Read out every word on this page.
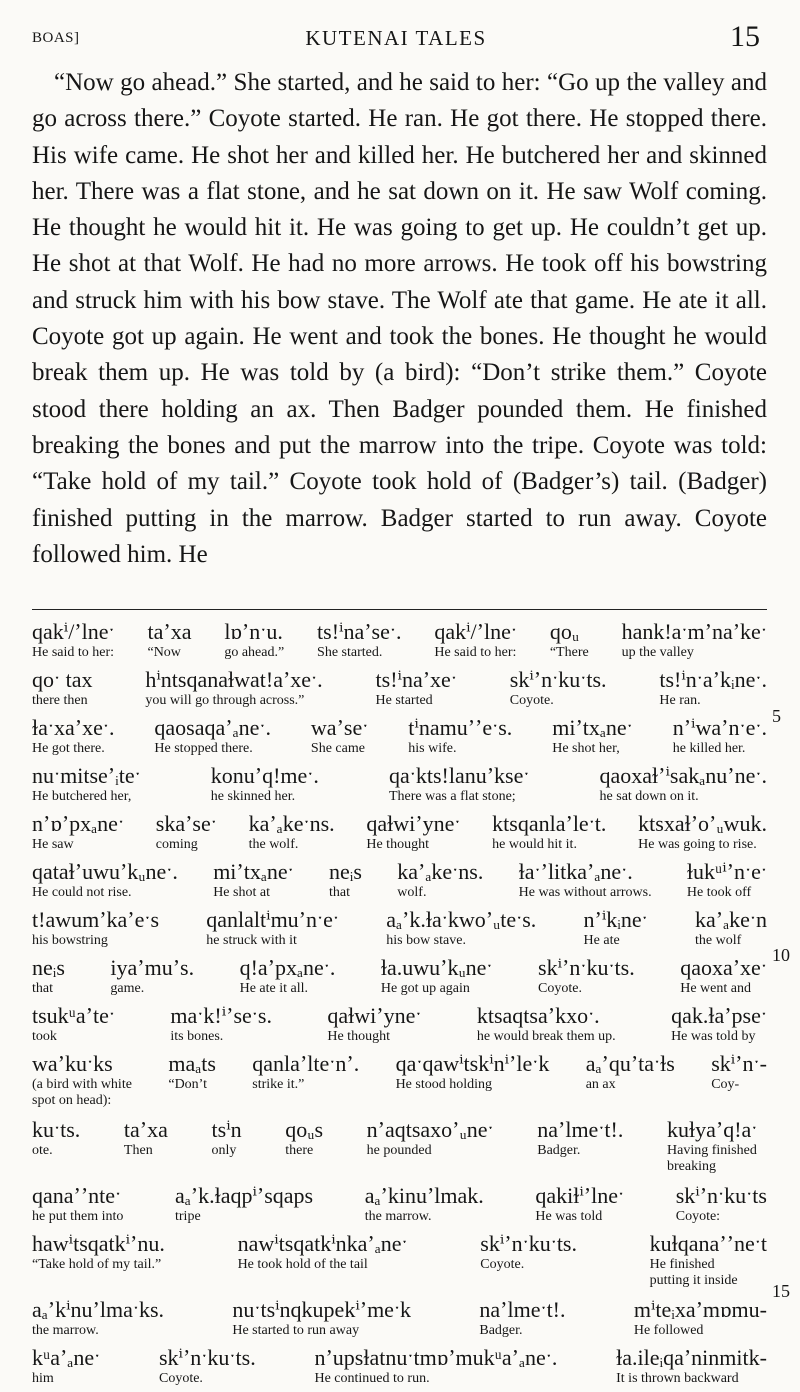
BOAS]	KUTENAI TALES	15

“Now go ahead.” She started, and he said to her: “Go up the valley and go across there.” Coyote started. He ran. He got there. He stopped there. His wife came. He shot her and killed her. He butchered her and skinned her. There was a flat stone, and he sat down on it. He saw Wolf coming. He thought he would hit it. He was going to get up. He couldn’t get up. He shot at that Wolf. He had no more arrows. He took off his bowstring and struck him with his bow stave. The Wolf ate that game. He ate it all. Coyote got up again. He went and took the bones. He thought he would break them up. He was told by (a bird): “Don’t strike them.” Coyote stood there holding an ax. Then Badger pounded them. He finished breaking the bones and put the marrow into the tripe. Coyote was told: “Take hold of my tail.” Coyote took hold of (Badger’s) tail. (Badger) finished putting in the marrow. Badger started to run away. Coyote followed him. He

qakⁱ/ʼlneˑ
He said to her:
taʼxa
“Now
lɒʼnˑu.
go ahead.”
ts!ⁱnaʼseˑ.
She started.
qakⁱ/ʼlneˑ
He said to her:
qoᵤ
“There
hank!aˑmʼnaʼkeˑ
up the valley
qoˑ tax
there then
hⁱntsqanaɫwat!aʼxeˑ.
you will go through across.”
ts!ⁱnaʼxeˑ
He started
skⁱʼnˑkuˑts.
Coyote.
ts!ⁱnˑaʼkᵢneˑ.
He ran.
ɫaˑxaʼxeˑ.
He got there.
qaosaqaʼₐneˑ.
He stopped there.
waʼseˑ
She came
tⁱnamuʼʼeˑs.
his wife.
miʼtxₐneˑ
He shot her,
nʼⁱwaʼnˑeˑ.
he killed her.
nuˑmitseʼᵢteˑ
He butchered her,
konuʼq!meˑ.
he skinned her.
qaˑkts!lanuʼkseˑ
There was a flat stone;
qaoxaɫʼⁱsakₐnuʼneˑ.
he sat down on it.
nʼɒʼpxₐneˑ
He saw
skaʼseˑ
coming
kaʼₐkeˑns.
the wolf.
qaɫwiʼyneˑ
He thought
ktsqanlaʼleˑt.
he would hit it.
ktsxaɫʼoʼᵤwuk.
He was going to rise.
qataɫʼuwuʼkᵤneˑ.
He could not rise.
miʼtxₐneˑ
He shot at
neᵢs
that
kaʼₐkeˑns.
wolf.
ɫaˑʼlitkaʼₐneˑ.
He was without arrows.
ɫukᵘⁱʼnˑeˑ
He took off
t!awumʼkaʼeˑs
his bowstring
qanlaltⁱmuʼnˑeˑ
he struck with it
aₐʼk.ɫaˑkwoʼᵤteˑs.
his bow stave.
nʼⁱkᵢneˑ
He ate
kaʼₐkeˑn
the wolf
neᵢs
that
iyaʼmuʼs.
game.
q!aʼpxₐneˑ.
He ate it all.
ɫa.uwuʼkᵤneˑ
He got up again
skⁱʼnˑkuˑts.
Coyote.
qaoxaʼxeˑ
He went and
tsukᵘaʼteˑ
took
maˑk!ⁱʼseˑs.
its bones.
qaɫwiʼyneˑ
He thought
ktsaqtsaʼkxoˑ.
he would break them up.
qak.ɫaʼpseˑ
He was told by
waʼkuˑks
(a bird with white spot on head):
maₐts
“Don’t
qanlaʼlteˑnʼ.
strike it.”
qaˑqawⁱtskⁱnⁱʼleˑk
He stood holding
aₐʼquʼtaˑɫs
an ax
skⁱʼnˑ-
Coy-
kuˑts.
ote.
taʼxa
Then
tsⁱn
only
qoᵤs
there
nʼaqtsaxoʼᵤneˑ
he pounded
naʼlmeˑt!.
Badger.
kuɫyaʼq!aˑ
Having finished breaking
qanaʼʼnteˑ
he put them into
aₐʼk.ɫaqpⁱʼsqaps
tripe
aₐʼkinuʼlmak.
the marrow.
qakiɫⁱʼlneˑ
He was told
skⁱʼnˑkuˑts
Coyote:
hawⁱtsqatkⁱʼnu.
“Take hold of my tail.”
nawⁱtsqatkⁱnkaʼₐneˑ
He took hold of the tail
skⁱʼnˑkuˑts.
Coyote.
kuɫqanaʼʼneˑt
He finished putting it inside
aₐʼkⁱnuʼlmaˑks.
the marrow.
nuˑtsⁱnqkupekⁱʼmeˑk
He started to run away
naʼlmeˑt!.
Badger.
mⁱteᵢxaʼmɒmu-
He followed
kᵘaʼₐneˑ
him
skⁱʼnˑkuˑts.
Coyote.
nʼupsɫatnuˑtmɒʼmukᵘaʼₐneˑ.
He continued to run.
ɫa.ileᵢqaʼninmitk-
It is thrown backward
5
10
15
